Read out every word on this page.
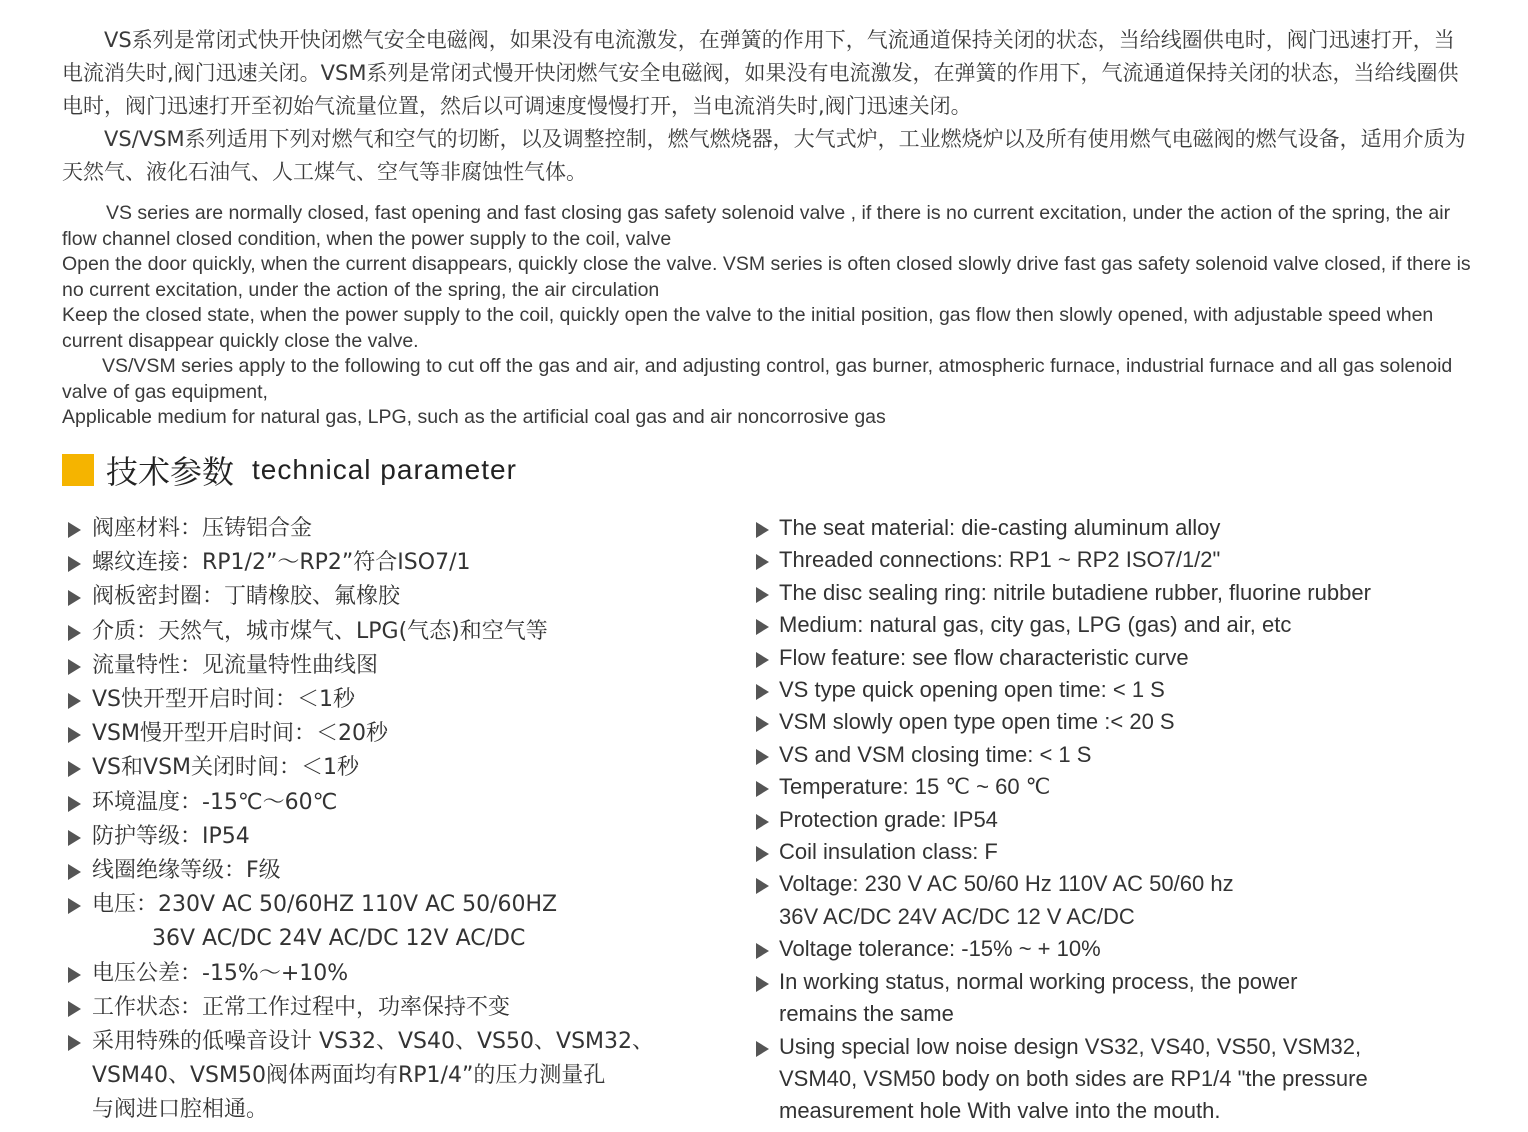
VS系列是常闭式快开快闭燃气安全电磁阀，如果没有电流激发，在弹簧的作用下，气流通道保持关闭的状态，当给线圈供电时，阀门迅速打开，当电流消失时,阀门迅速关闭。VSM系列是常闭式慢开快闭燃气安全电磁阀，如果没有电流激发，在弹簧的作用下，气流通道保持关闭的状态，当给线圈供电时，阀门迅速打开至初始气流量位置，然后以可调速度慢慢打开，当电流消失时,阀门迅速关闭。

VS/VSM系列适用下列对燃气和空气的切断，以及调整控制，燃气燃烧器，大气式炉，工业燃烧炉以及所有使用燃气电磁阀的燃气设备，适用介质为天然气、液化石油气、人工煤气、空气等非腐蚀性气体。

VS series are normally closed, fast opening and fast closing gas safety solenoid valve , if there is no current excitation, under the action of the spring, the air flow channel closed condition, when the power supply to the coil, valve

Open the door quickly, when the current disappears, quickly close the valve. VSM series is often closed slowly drive fast gas safety solenoid valve closed, if there is no current excitation, under the action of the spring, the air circulation

Keep the closed state, when the power supply to the coil, quickly open the valve to the initial position, gas flow then slowly opened, with adjustable speed when current disappear quickly close the valve.

VS/VSM series apply to the following to cut off the gas and air, and adjusting control, gas burner, atmospheric furnace, industrial furnace and all gas solenoid valve of gas equipment,

Applicable medium for natural gas, LPG, such as the artificial coal gas and air noncorrosive gas

技术参数 technical parameter
阀座材料：压铸铝合金
螺纹连接：RP1/2”～RP2”符合ISO7/1
阀板密封圈：丁睛橡胶、氟橡胶
介质：天然气，城市煤气、LPG(气态)和空气等
流量特性：见流量特性曲线图
VS快开型开启时间：＜1秒
VSM慢开型开启时间：＜20秒
VS和VSM关闭时间：＜1秒
环境温度：-15℃～60℃
防护等级：IP54
线圈绝缘等级：F级
电压：230V AC 50/60HZ 110V AC 50/60HZ
36V AC/DC 24V AC/DC 12V AC/DC
电压公差：-15%～+10%
工作状态：正常工作过程中，功率保持不变
采用特殊的低噪音设计 VS32、VS40、VS50、VSM32、
VSM40、VSM50阀体两面均有RP1/4”的压力测量孔
与阀进口腔相通。
The seat material: die-casting aluminum alloy
Threaded connections: RP1 ~ RP2 ISO7/1/2"
The disc sealing ring: nitrile butadiene rubber, fluorine rubber
Medium: natural gas, city gas, LPG (gas) and air, etc
Flow feature: see flow characteristic curve
VS type quick opening open time: < 1 S
VSM slowly open type open time :< 20 S
VS and VSM closing time: < 1 S
Temperature: 15 ℃ ~ 60 ℃
Protection grade: IP54
Coil insulation class: F
Voltage: 230 V AC 50/60 Hz 110V AC 50/60 hz
36V AC/DC 24V AC/DC 12 V AC/DC
Voltage tolerance: -15% ~ + 10%
In working status, normal working process, the power
remains the same
Using special low noise design VS32, VS40, VS50, VSM32,
VSM40, VSM50 body on both sides are RP1/4 "the pressure
measurement hole With valve into the mouth.
